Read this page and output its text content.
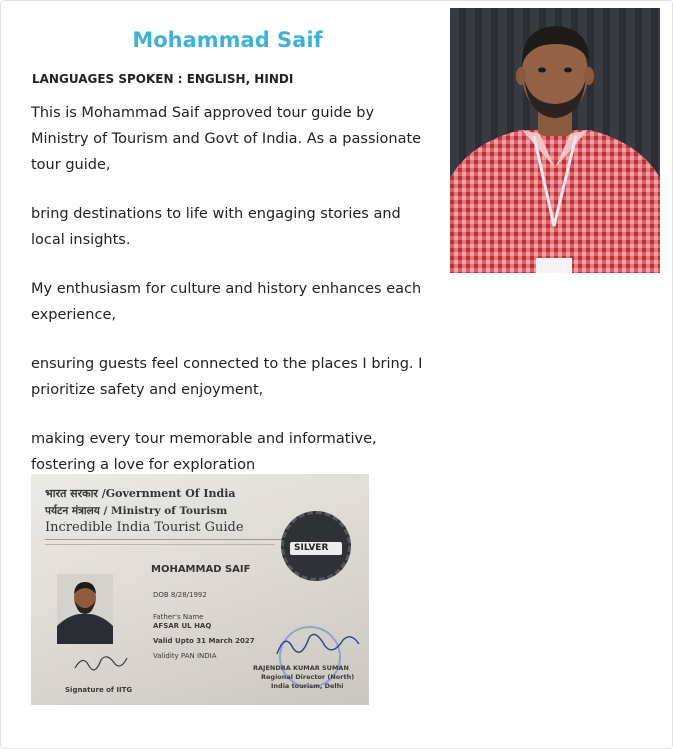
Mohammad Saif
LANGUAGES SPOKEN : ENGLISH, HINDI

This is Mohammad Saif approved tour guide by Ministry of Tourism and Govt of India. As a passionate tour guide,

bring destinations to life with engaging stories and local insights.

My enthusiasm for culture and history enhances each experience,

ensuring guests feel connected to the places I bring. I prioritize safety and enjoyment,

making every tour memorable and informative, fostering a love for exploration

भारत सरकार /Government Of India
पर्यटन मंत्रालय / Ministry of Tourism
Incredible India Tourist Guide
SILVER
MOHAMMAD SAIF
DOB 8/28/1992
Father's Name
AFSAR UL HAQ
Valid Upto 31 March 2027
Validity PAN INDIA
Signature of IITG
RAJENDRA KUMAR SUMAN
Regional Director (North)
India tourism, Delhi
